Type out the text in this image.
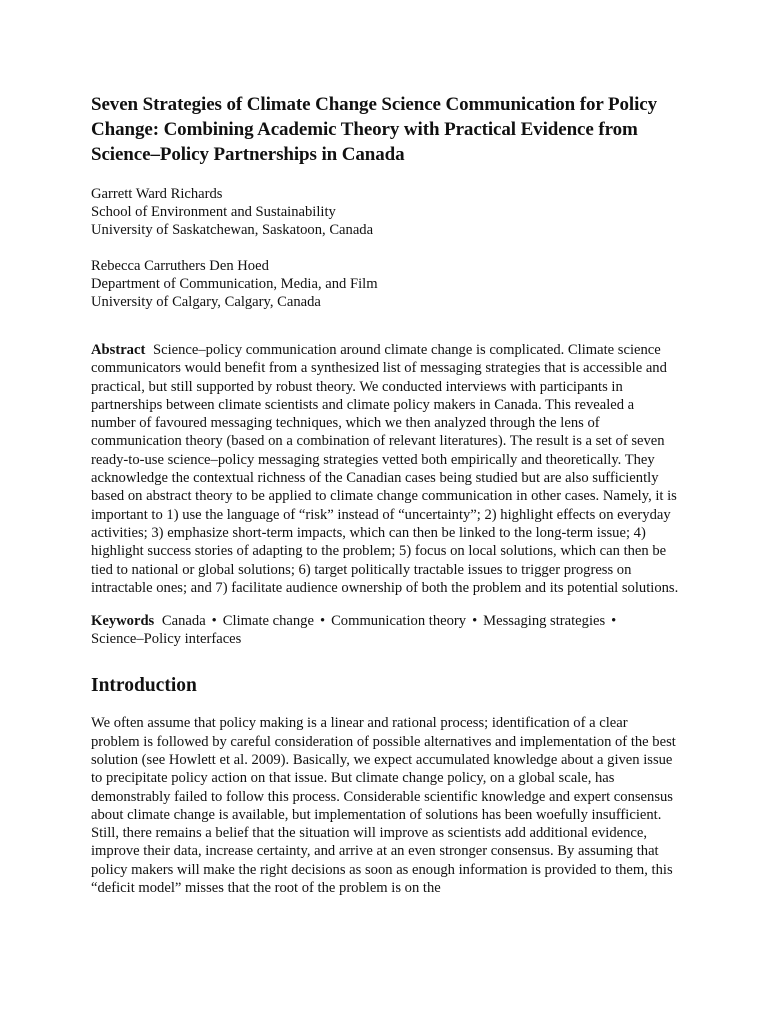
Seven Strategies of Climate Change Science Communication for Policy Change: Combining Academic Theory with Practical Evidence from Science–Policy Partnerships in Canada
Garrett Ward Richards
School of Environment and Sustainability
University of Saskatchewan, Saskatoon, Canada
Rebecca Carruthers Den Hoed
Department of Communication, Media, and Film
University of Calgary, Calgary, Canada

Abstract Science–policy communication around climate change is complicated. Climate science communicators would benefit from a synthesized list of messaging strategies that is accessible and practical, but still supported by robust theory. We conducted interviews with participants in partnerships between climate scientists and climate policy makers in Canada. This revealed a number of favoured messaging techniques, which we then analyzed through the lens of communication theory (based on a combination of relevant literatures). The result is a set of seven ready-to-use science–policy messaging strategies vetted both empirically and theoretically. They acknowledge the contextual richness of the Canadian cases being studied but are also sufficiently based on abstract theory to be applied to climate change communication in other cases. Namely, it is important to 1) use the language of “risk” instead of “uncertainty”; 2) highlight effects on everyday activities; 3) emphasize short-term impacts, which can then be linked to the long-term issue; 4) highlight success stories of adapting to the problem; 5) focus on local solutions, which can then be tied to national or global solutions; 6) target politically tractable issues to trigger progress on intractable ones; and 7) facilitate audience ownership of both the problem and its potential solutions.

Keywords Canada • Climate change • Communication theory • Messaging strategies •
Science–Policy interfaces

Introduction

We often assume that policy making is a linear and rational process; identification of a clear problem is followed by careful consideration of possible alternatives and implementation of the best solution (see Howlett et al. 2009). Basically, we expect accumulated knowledge about a given issue to precipitate policy action on that issue. But climate change policy, on a global scale, has demonstrably failed to follow this process. Considerable scientific knowledge and expert consensus about climate change is available, but implementation of solutions has been woefully insufficient. Still, there remains a belief that the situation will improve as scientists add additional evidence, improve their data, increase certainty, and arrive at an even stronger consensus. By assuming that policy makers will make the right decisions as soon as enough information is provided to them, this “deficit model” misses that the root of the problem is on the
